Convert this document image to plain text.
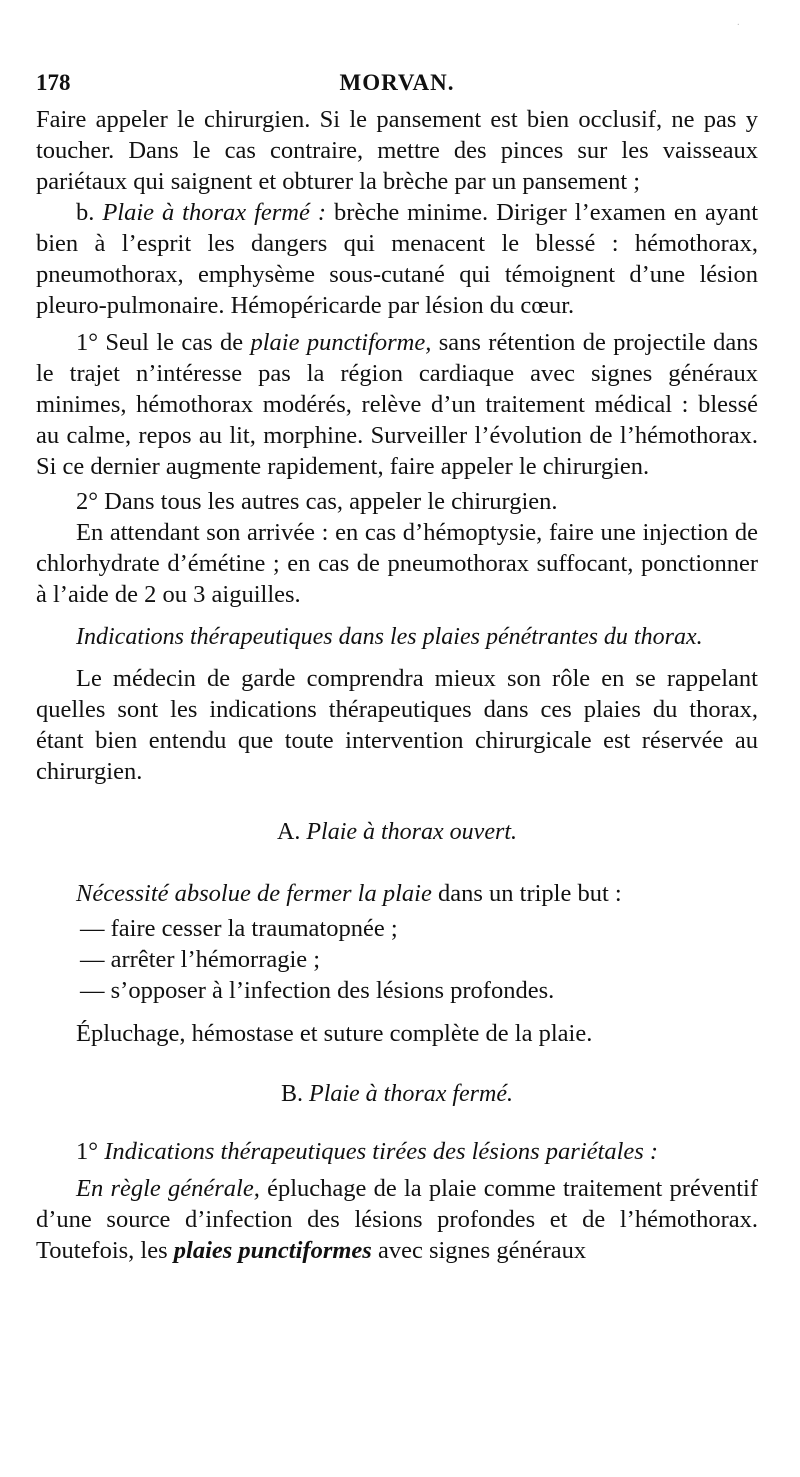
·
178	MORVAN.

Faire appeler le chirurgien. Si le pansement est bien occlusif, ne pas y toucher. Dans le cas contraire, mettre des pinces sur les vaisseaux pariétaux qui saignent et obturer la brèche par un pansement ;

b. Plaie à thorax fermé : brèche minime. Diriger l’examen en ayant bien à l’esprit les dangers qui menacent le blessé : hémothorax, pneumothorax, emphysème sous-cutané qui témoignent d’une lésion pleuro-pulmonaire. Hémopéricarde par lésion du cœur.

1° Seul le cas de plaie punctiforme, sans rétention de projectile dans le trajet n’intéresse pas la région cardiaque avec signes généraux minimes, hémothorax modérés, relève d’un traitement médical : blessé au calme, repos au lit, morphine. Surveiller l’évolution de l’hémothorax. Si ce dernier augmente rapidement, faire appeler le chirurgien.

2° Dans tous les autres cas, appeler le chirurgien.

En attendant son arrivée : en cas d’hémoptysie, faire une injection de chlorhydrate d’émétine ; en cas de pneumothorax suffocant, ponctionner à l’aide de 2 ou 3 aiguilles.

Indications thérapeutiques dans les plaies pénétrantes du thorax.

Le médecin de garde comprendra mieux son rôle en se rappelant quelles sont les indications thérapeutiques dans ces plaies du thorax, étant bien entendu que toute intervention chirurgicale est réservée au chirurgien.

A. Plaie à thorax ouvert.

Nécessité absolue de fermer la plaie dans un triple but :

— faire cesser la traumatopnée ;

— arrêter l’hémorragie ;

— s’opposer à l’infection des lésions profondes.

Épluchage, hémostase et suture complète de la plaie.

B. Plaie à thorax fermé.

1° Indications thérapeutiques tirées des lésions pariétales :

En règle générale, épluchage de la plaie comme traitement préventif d’une source d’infection des lésions profondes et de l’hémothorax. Toutefois, les plaies punctiformes avec signes généraux
